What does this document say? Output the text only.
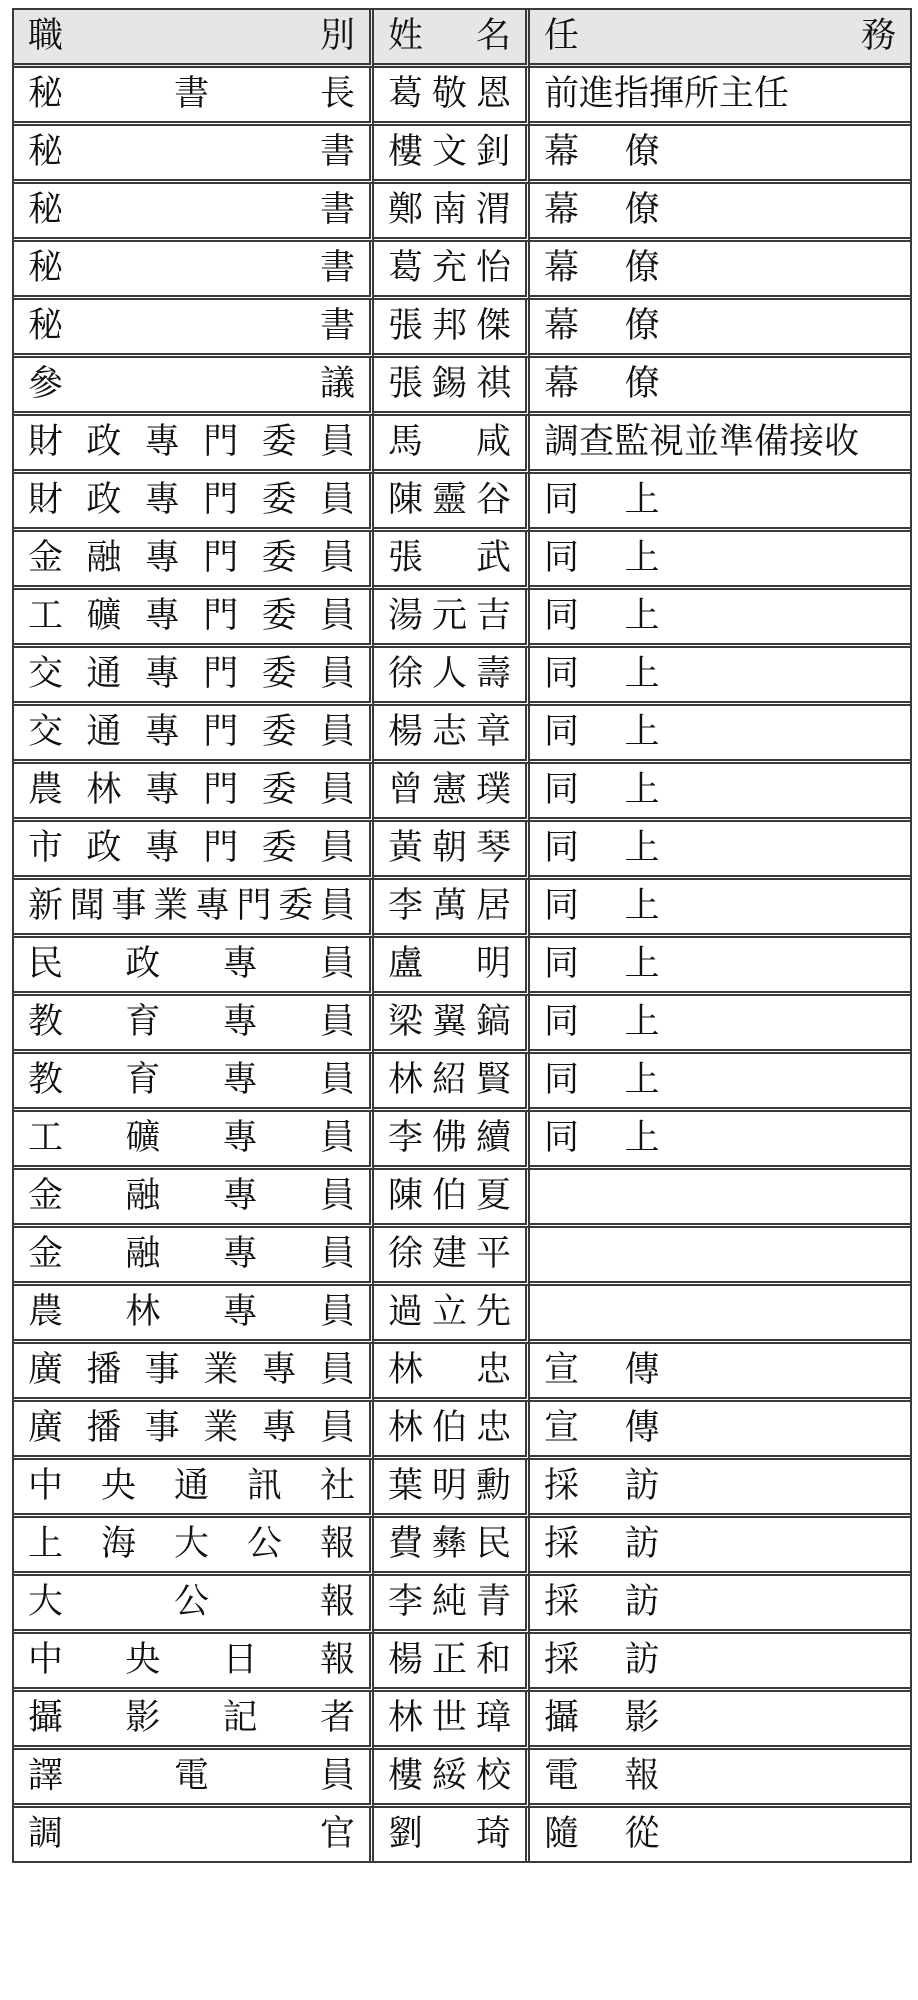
職 別	姓 名	任 務

秘 書 長	葛敬恩	前進指揮所主任

秘 書	樓文釗	幕　僚

秘 書	鄭南渭	幕　僚

秘 書	葛充怡	幕　僚

秘 書	張邦傑	幕　僚

參 議	張錫祺	幕　僚

財政專門委員	馬 咸	調查監視並準備接收

財政專門委員	陳靈谷	同　上

金融專門委員	張 武	同　上

工礦專門委員	湯元吉	同　上

交通專門委員	徐人壽	同　上

交通專門委員	楊志章	同　上

農林專門委員	曾憲璞	同　上

市政專門委員	黃朝琴	同　上

新聞事業專門委員	李萬居	同　上

民 政 專 員	盧 明	同　上

教 育 專 員	梁翼鎬	同　上

教 育 專 員	林紹賢	同　上

工 礦 專 員	李佛續	同　上

金 融 專 員	陳伯夏	

金 融 專 員	徐建平	

農 林 專 員	過立先	

廣播事業專員	林 忠	宣　傳

廣播事業專員	林伯忠	宣　傳

中 央 通 訊 社	葉明勳	採　訪

上 海 大 公 報	費彝民	採　訪

大 公 報	李純青	採　訪

中 央 日 報	楊正和	採　訪

攝 影 記 者	林世璋	攝　影

譯 電 員	樓綏校	電　報

調 官	劉 琦	隨　從
